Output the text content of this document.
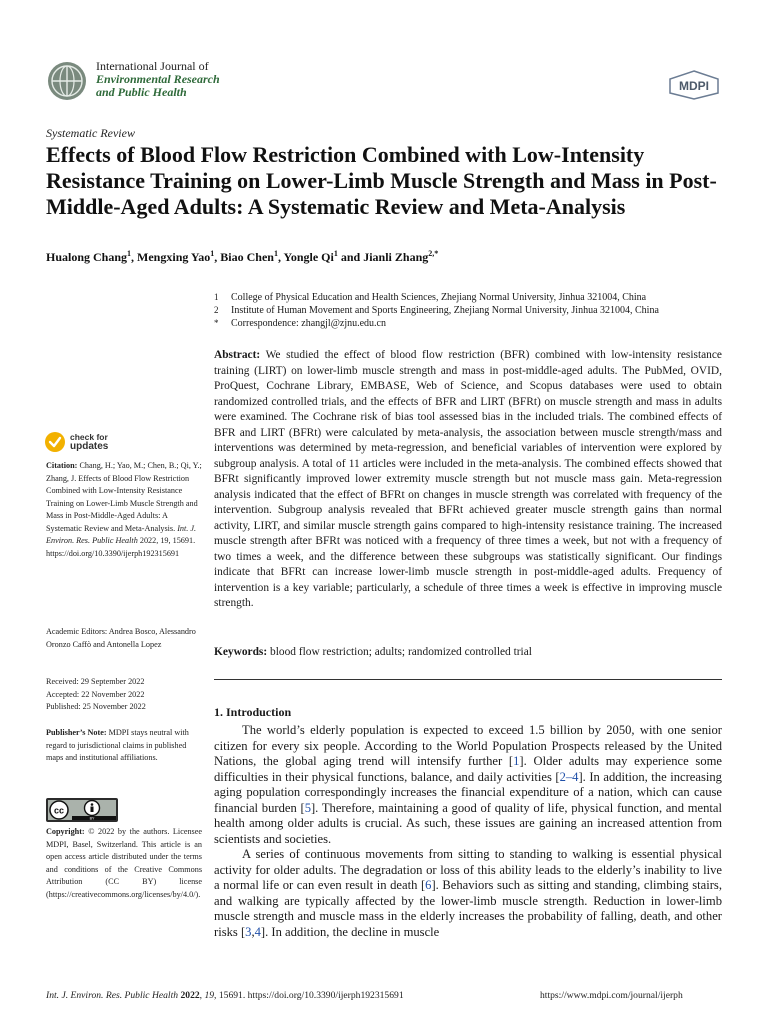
International Journal of
Environmental Research
and Public Health	MDPI
Systematic Review
Effects of Blood Flow Restriction Combined with Low-Intensity Resistance Training on Lower-Limb Muscle Strength and Mass in Post-Middle-Aged Adults: A Systematic Review and Meta-Analysis
Hualong Chang$^1$, Mengxing Yao$^1$, Biao Chen$^1$, Yongle Qi$^1$ and Jianli Zhang$^{2,*}$
1	College of Physical Education and Health Sciences, Zhejiang Normal University, Jinhua 321004, China
2	Institute of Human Movement and Sports Engineering, Zhejiang Normal University, Jinhua 321004, China
*	Correspondence: zhangjl@zjnu.edu.cn

Abstract: We studied the effect of blood flow restriction (BFR) combined with low-intensity resistance training (LIRT) on lower-limb muscle strength and mass in post-middle-aged adults. The PubMed, OVID, ProQuest, Cochrane Library, EMBASE, Web of Science, and Scopus databases were used to obtain randomized controlled trials, and the effects of BFR and LIRT (BFRt) on muscle strength and mass in adults were examined. The Cochrane risk of bias tool assessed bias in the included trials. The combined effects of BFR and LIRT (BFRt) were calculated by meta-analysis, the association between muscle strength/mass and interventions was determined by meta-regression, and beneficial variables of intervention were explored by subgroup analysis. A total of 11 articles were included in the meta-analysis. The combined effects showed that BFRt significantly improved lower extremity muscle strength but not muscle mass gain. Meta-regression analysis indicated that the effect of BFRt on changes in muscle strength was correlated with frequency of the intervention. Subgroup analysis revealed that BFRt achieved greater muscle strength gains than normal activity, LIRT, and similar muscle strength gains compared to high-intensity resistance training. The increased muscle strength after BFRt was noticed with a frequency of three times a week, but not with a frequency of two times a week, and the difference between these subgroups was statistically significant. Our findings indicate that BFRt can increase lower-limb muscle strength in post-middle-aged adults. Frequency of intervention is a key variable; particularly, a schedule of three times a week is effective in improving muscle strength.

Keywords: blood flow restriction; adults; randomized controlled trial
1. Introduction

The world’s elderly population is expected to exceed 1.5 billion by 2050, with one senior citizen for every six people. According to the World Population Prospects released by the United Nations, the global aging trend will intensify further [1]. Older adults may experience some difficulties in their physical functions, balance, and daily activities [2–4]. In addition, the increasing aging population correspondingly increases the financial expenditure of a nation, which can cause financial burden [5]. Therefore, maintaining a good of quality of life, physical function, and mental health among older adults is crucial. As such, these issues are gaining an increased attention from scientists and societies.

A series of continuous movements from sitting to standing to walking is essential physical activity for older adults. The degradation or loss of this ability leads to the elderly’s inability to live a normal life or can even result in death [6]. Behaviors such as sitting and standing, climbing stairs, and walking are typically affected by the lower-limb muscle strength. Reduction in lower-limb muscle strength and muscle mass in the elderly increases the probability of falling, death, and other risks [3,4]. In addition, the decline in muscle

check for
updates

Citation: Chang, H.; Yao, M.; Chen, B.; Qi, Y.; Zhang, J. Effects of Blood Flow Restriction Combined with Low-Intensity Resistance Training on Lower-Limb Muscle Strength and Mass in Post-Middle-Aged Adults: A Systematic Review and Meta-Analysis. Int. J. Environ. Res. Public Health 2022, 19, 15691. https://doi.org/10.3390/ijerph192315691

Academic Editors: Andrea Bosco, Alessandro Oronzo Caffò and Antonella Lopez

Received: 29 September 2022
Accepted: 22 November 2022
Published: 25 November 2022

Publisher’s Note: MDPI stays neutral with regard to jurisdictional claims in published maps and institutional affiliations.

cc
BY

Copyright: © 2022 by the authors. Licensee MDPI, Basel, Switzerland. This article is an open access article distributed under the terms and conditions of the Creative Commons Attribution (CC BY) license (https://creativecommons.org/licenses/by/4.0/).

Int. J. Environ. Res. Public Health 2022, 19, 15691. https://doi.org/10.3390/ijerph192315691	https://www.mdpi.com/journal/ijerph
